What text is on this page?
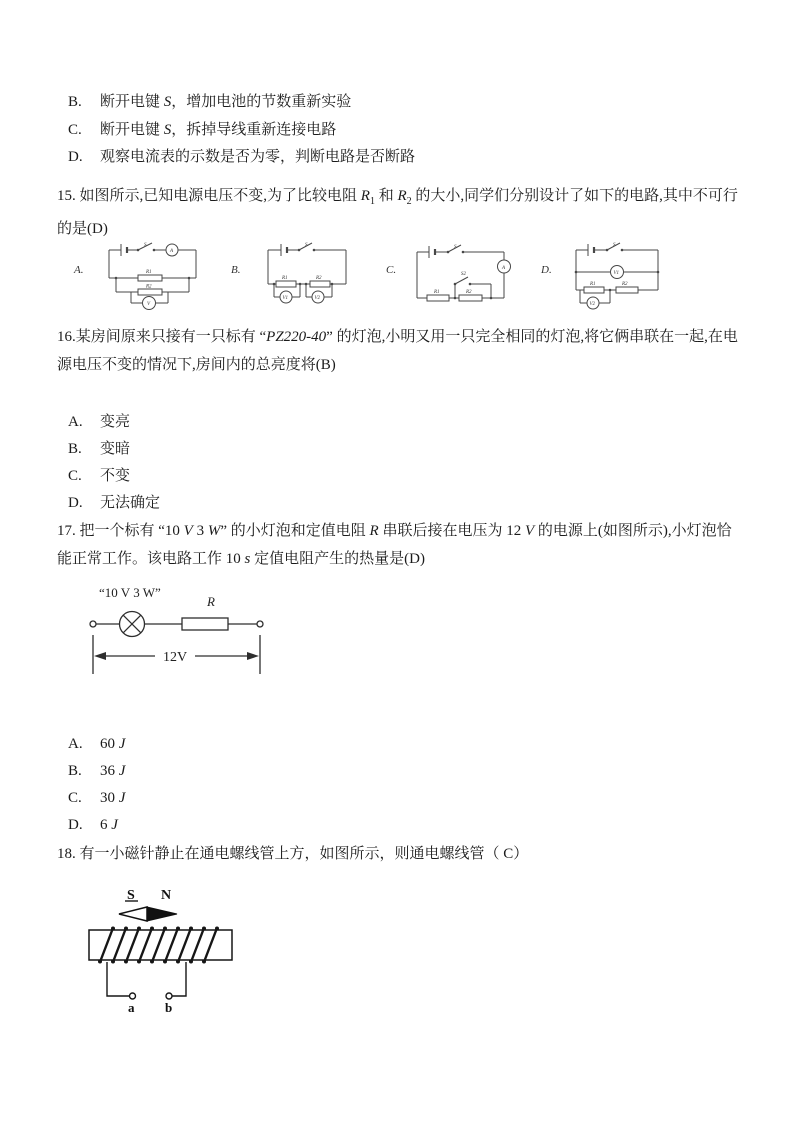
B. 断开电键 S，增加电池的节数重新实验
C. 断开电键 S，拆掉导线重新连接电路
D. 观察电流表的示数是否为零，判断电路是否断路
15. 如图所示,已知电源电压不变,为了比较电阻 $R_1$ 和 $R_2$ 的大小,同学们分别设计了如下的电路,其中不可行的是(D)
A.
S
A
R1
R2
V
B.
S
R1	R2
V1	V2
C.
S
A
R1	R2
S2	D.
S
V1
R1	R2
V2
16.某房间原来只接有一只标有 “PZ220-40” 的灯泡,小明又用一只完全相同的灯泡,将它俩串联在一起,在电源电压不变的情况下,房间内的总亮度将(B)
A. 变亮
B. 变暗
C. 不变
D. 无法确定
17. 把一个标有 “10 V 3 W” 的小灯泡和定值电阻 R 串联后接在电压为 12 V 的电源上(如图所示),小灯泡恰能正常工作。该电路工作 10 s 定值电阻产生的热量是(D)
“10 V 3 W”
R
12V
A. 60 J
B. 36 J
C. 30 J
D. 6 J
18. 有一小磁针静止在通电螺线管上方，如图所示，则通电螺线管（ C）
S N
a b
